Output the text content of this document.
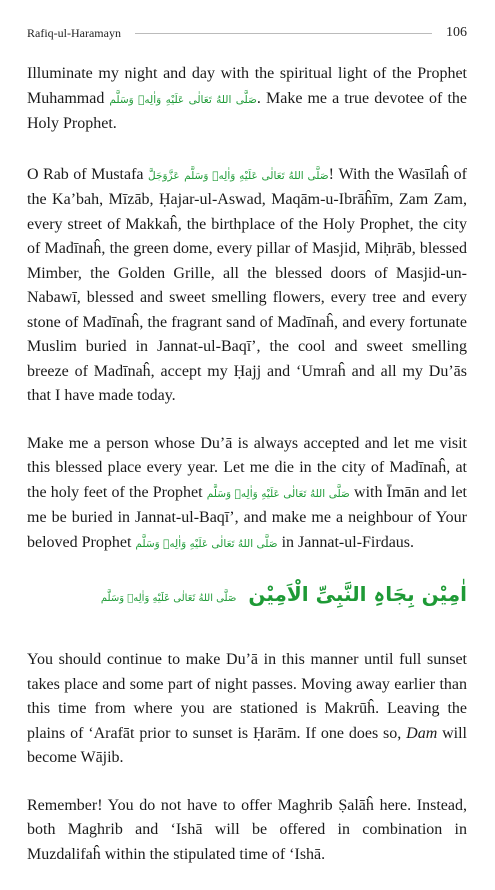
Rafiq-ul-Haramayn	106

Illuminate my night and day with the spiritual light of the Prophet Muhammad صَلَّى اللهُ تَعَالٰى عَلَيْهِ وَاٰلِهٖ وَسَلَّم. Make me a true devotee of the Holy Prophet.

O Rab of Mustafa	صَلَّى اللهُ تَعَالٰى عَلَيْهِ وَاٰلِهٖ وَسَلَّم عَزَّوَجَلَّ	! With the Wasīlaĥ of the Ka’bah, Mīzāb, Ḥajar-ul-Aswad, Maqām-u-Ibrāĥīm, Zam Zam, every street of Makkaĥ, the birthplace of the Holy Prophet, the city of Madīnaĥ, the green dome, every pillar of Masjid, Miḥrāb, blessed Mimber, the Golden Grille, all the blessed doors of Masjid-un-Nabawī, blessed and sweet smelling flowers, every tree and every stone of Madīnaĥ, the fragrant sand of Madīnaĥ, and every fortunate Muslim buried in Jannat-ul-Baqī’, the cool and sweet smelling breeze of Madīnaĥ, accept my Ḥajj and ‘Umraĥ and all my Du’ās that I have made today.

Make me a person whose Du’ā is always accepted and let me visit this blessed place every year. Let me die in the city of Madīnaĥ, at the holy feet of the Prophet صَلَّى اللهُ تَعَالٰى عَلَيْهِ وَاٰلِهٖ وَسَلَّم with Īmān and let me be buried in Jannat-ul-Baqī’, and make me a neighbour of Your beloved Prophet صَلَّى اللهُ تَعَالٰى عَلَيْهِ وَاٰلِهٖ وَسَلَّم in Jannat-ul-Firdaus.

اٰمِیْن بِجَاہِ النَّبِیِّ الْاَمِیْن صَلَّى اللهُ تَعَالٰى عَلَيْهِ وَاٰلِهٖ وَسَلَّم

You should continue to make Du’ā in this manner until full sunset takes place and some part of night passes. Moving away earlier than this time from where you are stationed is Makrūĥ. Leaving the plains of ‘Arafāt prior to sunset is Ḥarām. If one does so, Dam will become Wājib.

Remember! You do not have to offer Maghrib Ṣalāĥ here. Instead, both Maghrib and ‘Ishā will be offered in combination in Muzdalifaĥ within the stipulated time of ‘Ishā.
